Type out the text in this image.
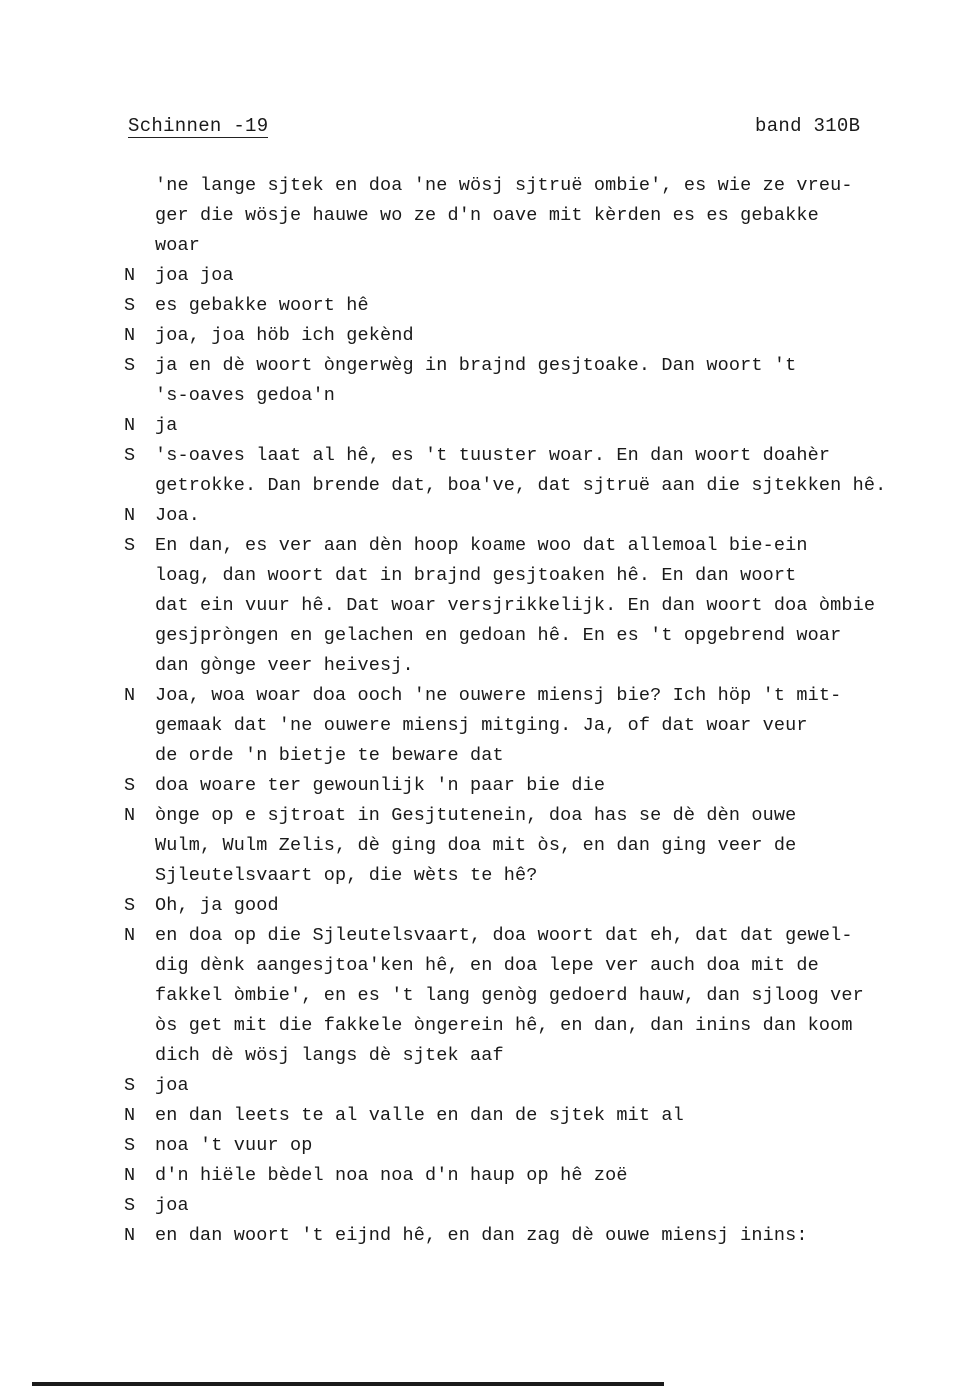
Schinnen -19	band 310B
'ne lange sjtek en doa 'ne wösj sjtruë ombie', es wie ze vreu-
ger die wösje hauwe wo ze d'n oave mit kèrden es es gebakke
woar
N	joa joa
S	es gebakke woort hê
N	joa, joa höb ich gekènd
S	ja en dè woort òngerwèg in brajnd gesjtoake. Dan woort 't
's-oaves gedoa'n
N	ja
S	's-oaves laat al hê, es 't tuuster woar. En dan woort doahèr
getrokke. Dan brende dat, boa've, dat sjtruë aan die sjtekken hê.
N	Joa.
S	En dan, es ver aan dèn hoop koame woo dat allemoal bie-ein
loag, dan woort dat in brajnd gesjtoaken hê. En dan woort
dat ein vuur hê. Dat woar versjrikkelijk. En dan woort doa òmbie
gesjpròngen en gelachen en gedoan hê. En es 't opgebrend woar
dan gònge veer heivesj.
N	Joa, woa woar doa ooch 'ne ouwere miensj bie? Ich höp 't mit-
gemaak dat 'ne ouwere miensj mitging. Ja, of dat woar veur
de orde 'n bietje te beware dat
S	doa woare ter gewounlijk 'n paar bie die
N	ònge op e sjtroat in Gesjtutenein, doa has se dè dèn ouwe
Wulm, Wulm Zelis, dè ging doa mit òs, en dan ging veer de
Sjleutelsvaart op, die wèts te hê?
S	Oh, ja good
N	en doa op die Sjleutelsvaart, doa woort dat eh, dat dat gewel-
dig dènk aangesjtoa'ken hê, en doa lepe ver auch doa mit de
fakkel òmbie', en es 't lang genòg gedoerd hauw, dan sjloog ver
òs get mit die fakkele òngerein hê, en dan, dan inins dan koom
dich dè wösj langs dè sjtek aaf
S	joa
N	en dan leets te al valle en dan de sjtek mit al
S	noa 't vuur op
N	d'n hiële bèdel noa noa d'n haup op hê zoë
S	joa
N	en dan woort 't eijnd hê, en dan zag dè ouwe miensj inins:
